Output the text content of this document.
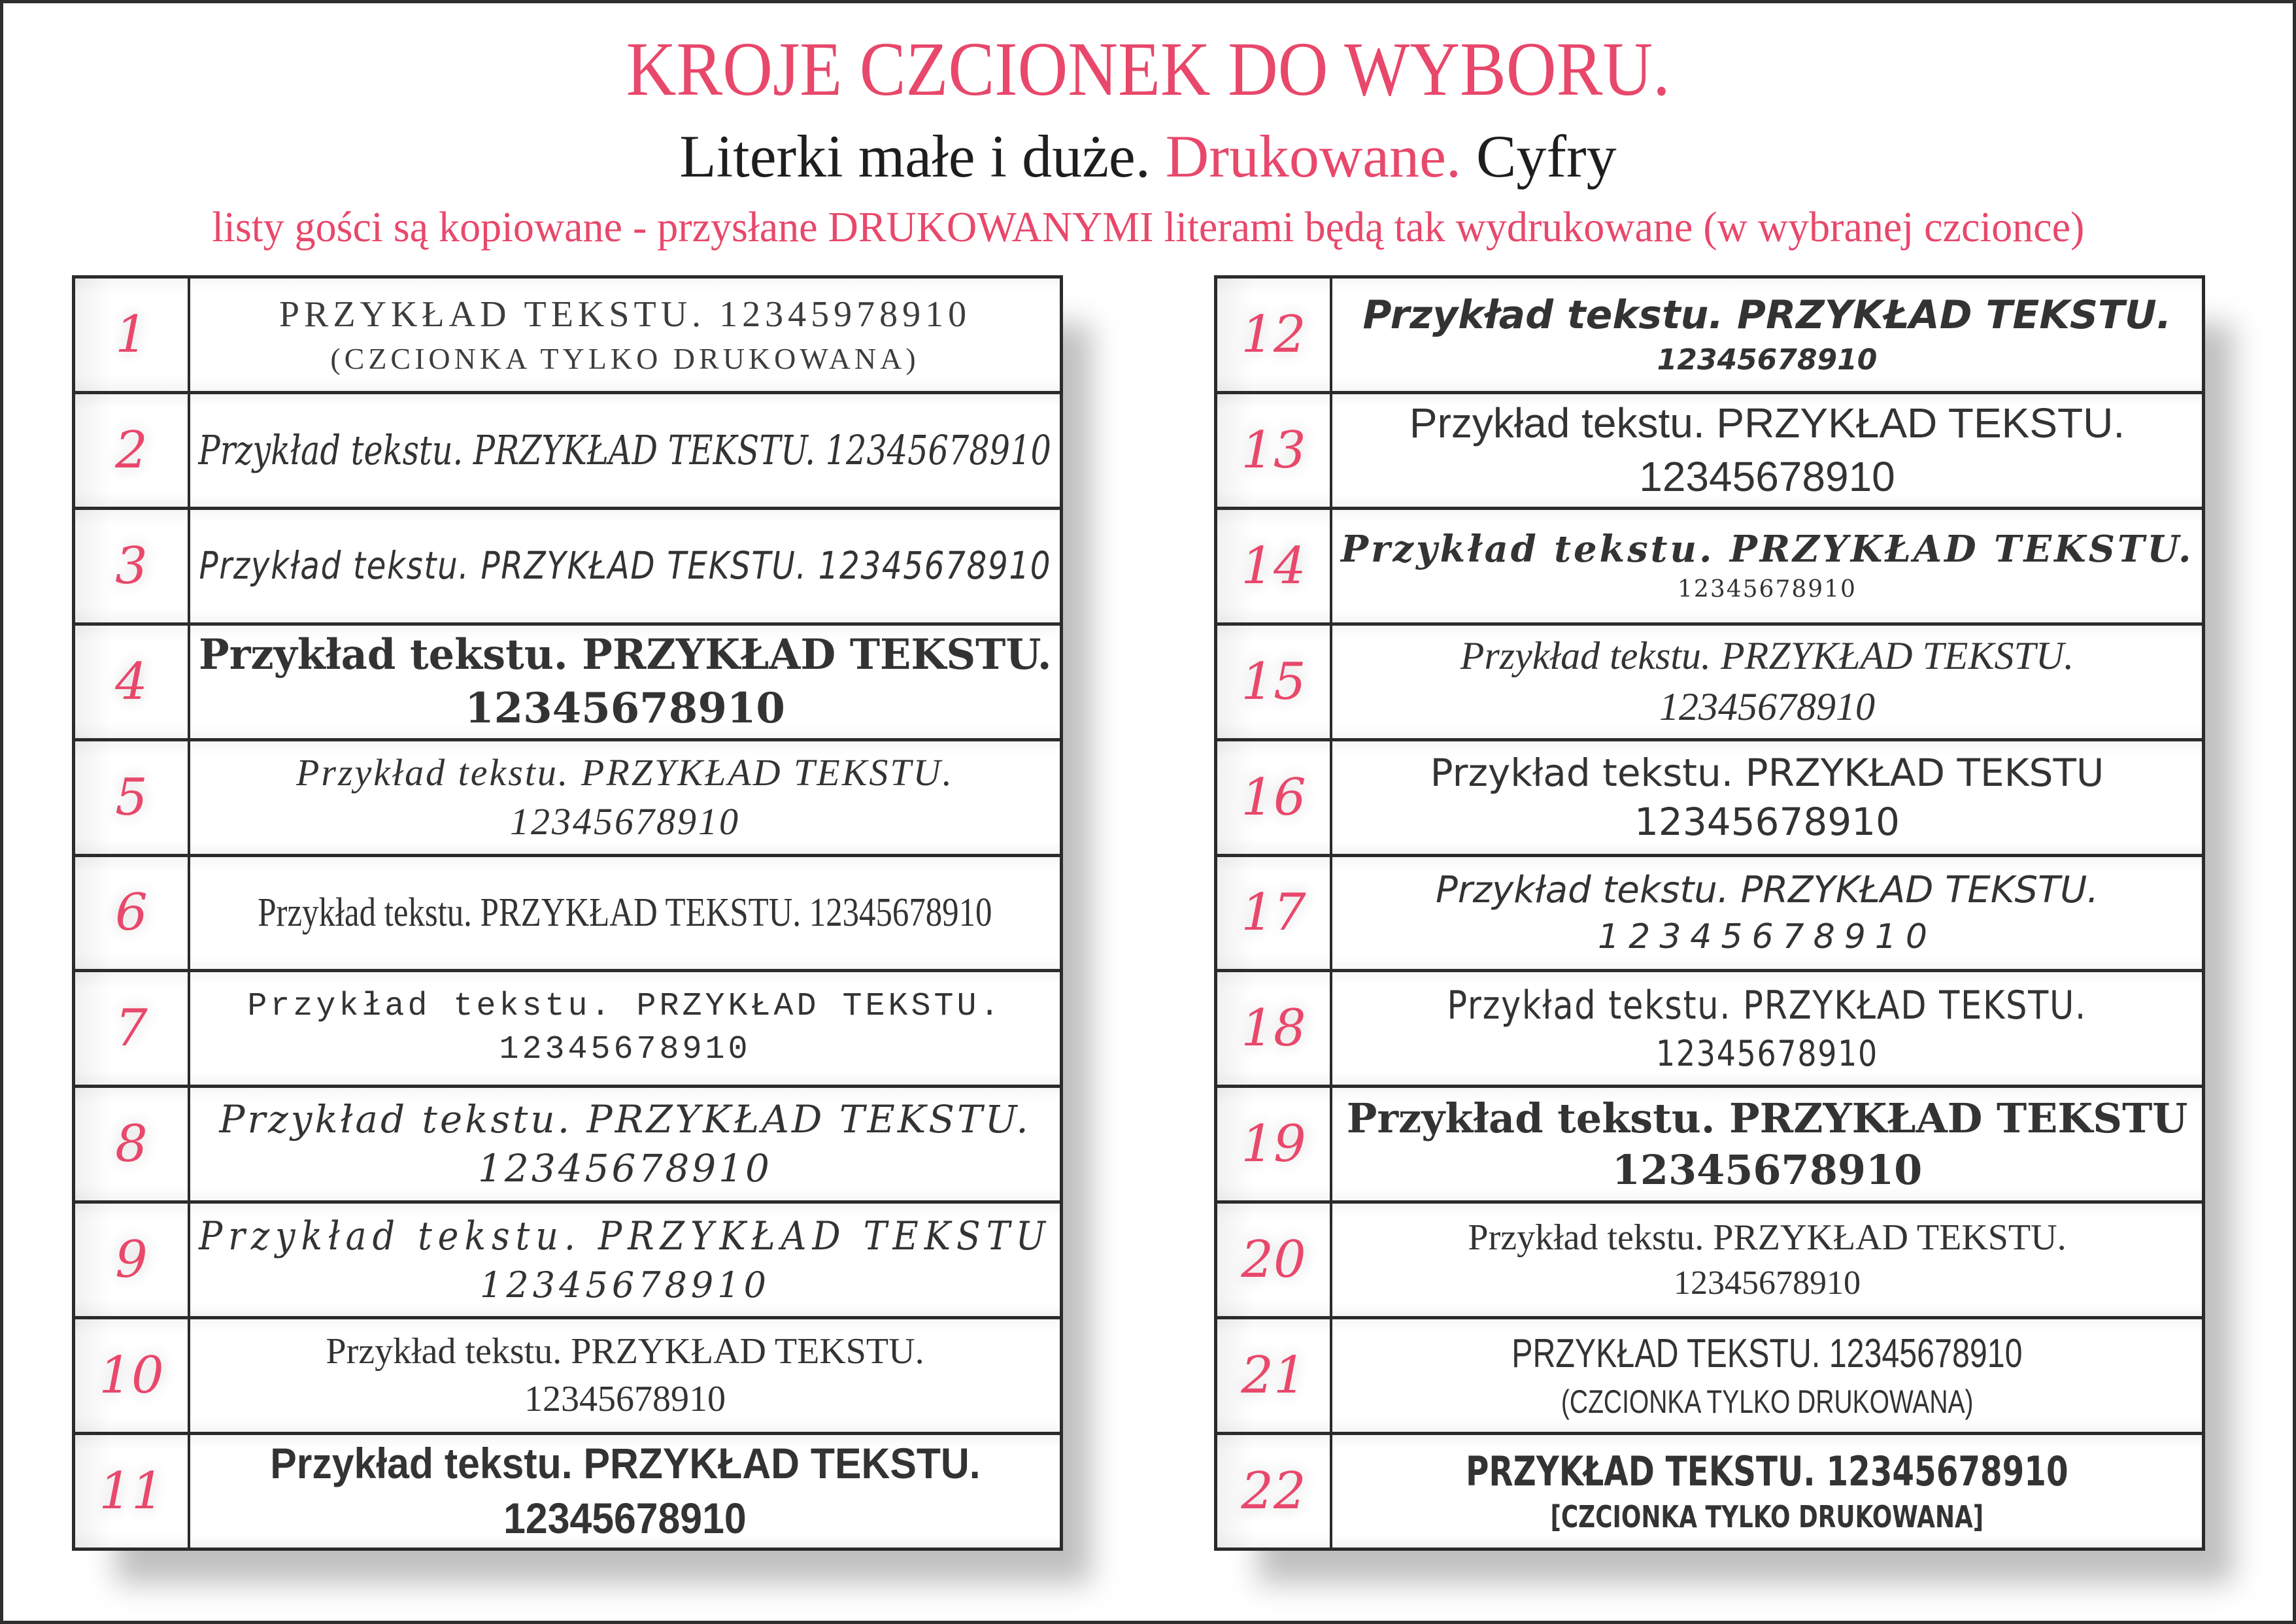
KROJE CZCIONEK DO WYBORU.
Literki małe i duże. Drukowane. Cyfry
listy gości są kopiowane - przysłane DRUKOWANYMI literami będą tak wydrukowane (w wybranej czcionce)
1	PRZYKŁAD TEKSTU. 12345978910
(CZCIONKA TYLKO DRUKOWANA)
2	Przykład tekstu. PRZYKŁAD TEKSTU. 12345678910
3	Przykład tekstu. PRZYKŁAD TEKSTU. 12345678910
4	Przykład tekstu. PRZYKŁAD TEKSTU.
12345678910
5	Przykład tekstu. PRZYKŁAD TEKSTU.
12345678910
6	Przykład tekstu. PRZYKŁAD TEKSTU. 12345678910
7	Przykład tekstu. PRZYKŁAD TEKSTU.
12345678910
8 Przykład tekstu. PRZYKŁAD TEKSTU.
12345678910
9	Przykład tekstu. PRZYKŁAD TEKSTU
12345678910
10	Przykład tekstu. PRZYKŁAD TEKSTU.
12345678910
11	Przykład tekstu. PRZYKŁAD TEKSTU.
12345678910
12 Przykład tekstu. PRZYKŁAD TEKSTU.
12345678910
13 Przykład tekstu. PRZYKŁAD TEKSTU.
12345678910
14 Przykład tekstu. PRZYKŁAD TEKSTU.
12345678910
15	Przykład tekstu. PRZYKŁAD TEKSTU.
12345678910
16	Przykład tekstu. PRZYKŁAD TEKSTU
12345678910
17	Przykład tekstu. PRZYKŁAD TEKSTU.
12345678910
18	Przykład tekstu. PRZYKŁAD TEKSTU.
12345678910
19 Przykład tekstu. PRZYKŁAD TEKSTU
12345678910
20	Przykład tekstu. PRZYKŁAD TEKSTU.
12345678910
21	PRZYKŁAD TEKSTU. 12345678910
(CZCIONKA TYLKO DRUKOWANA)
22	PRZYKŁAD TEKSTU. 12345678910
[CZCIONKA TYLKO DRUKOWANA]
